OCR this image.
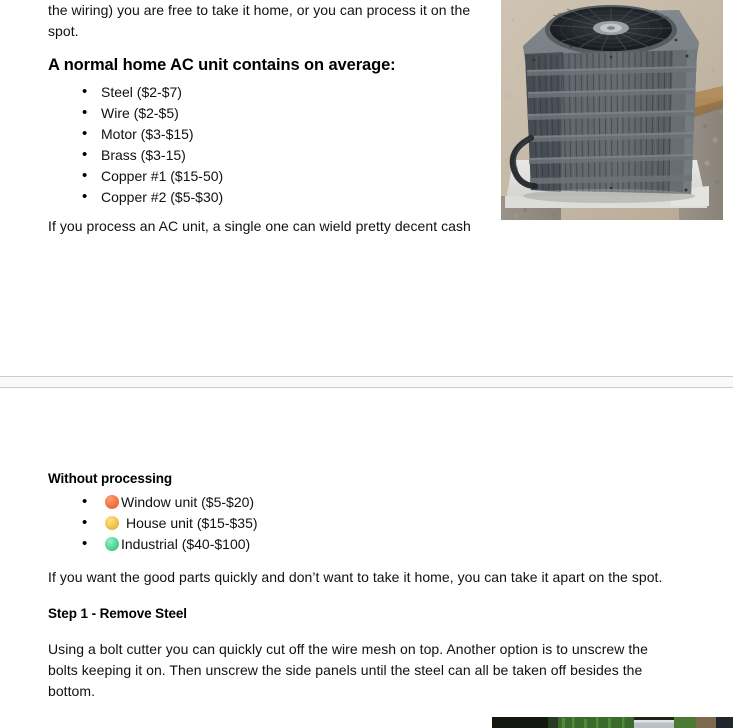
the wiring) you are free to take it home, or you can process it on the spot.

A normal home AC unit contains on average:
• Steel ($2-$7)
• Wire ($2-$5)
• Motor ($3-$15)
• Brass ($3-15)
• Copper #1 ($15-50)
• Copper #2 ($5-$30)

If you process an AC unit, a single one can wield pretty decent cash

Without processing
• Window unit ($5-$20)
• House unit ($15-$35)
• Industrial ($40-$100)

If you want the good parts quickly and don’t want to take it home, you can take it apart on the spot.

Step 1 - Remove Steel

Using a bolt cutter you can quickly cut off the wire mesh on top. Another option is to unscrew the bolts keeping it on. Then unscrew the side panels until the steel can all be taken off besides the bottom.
